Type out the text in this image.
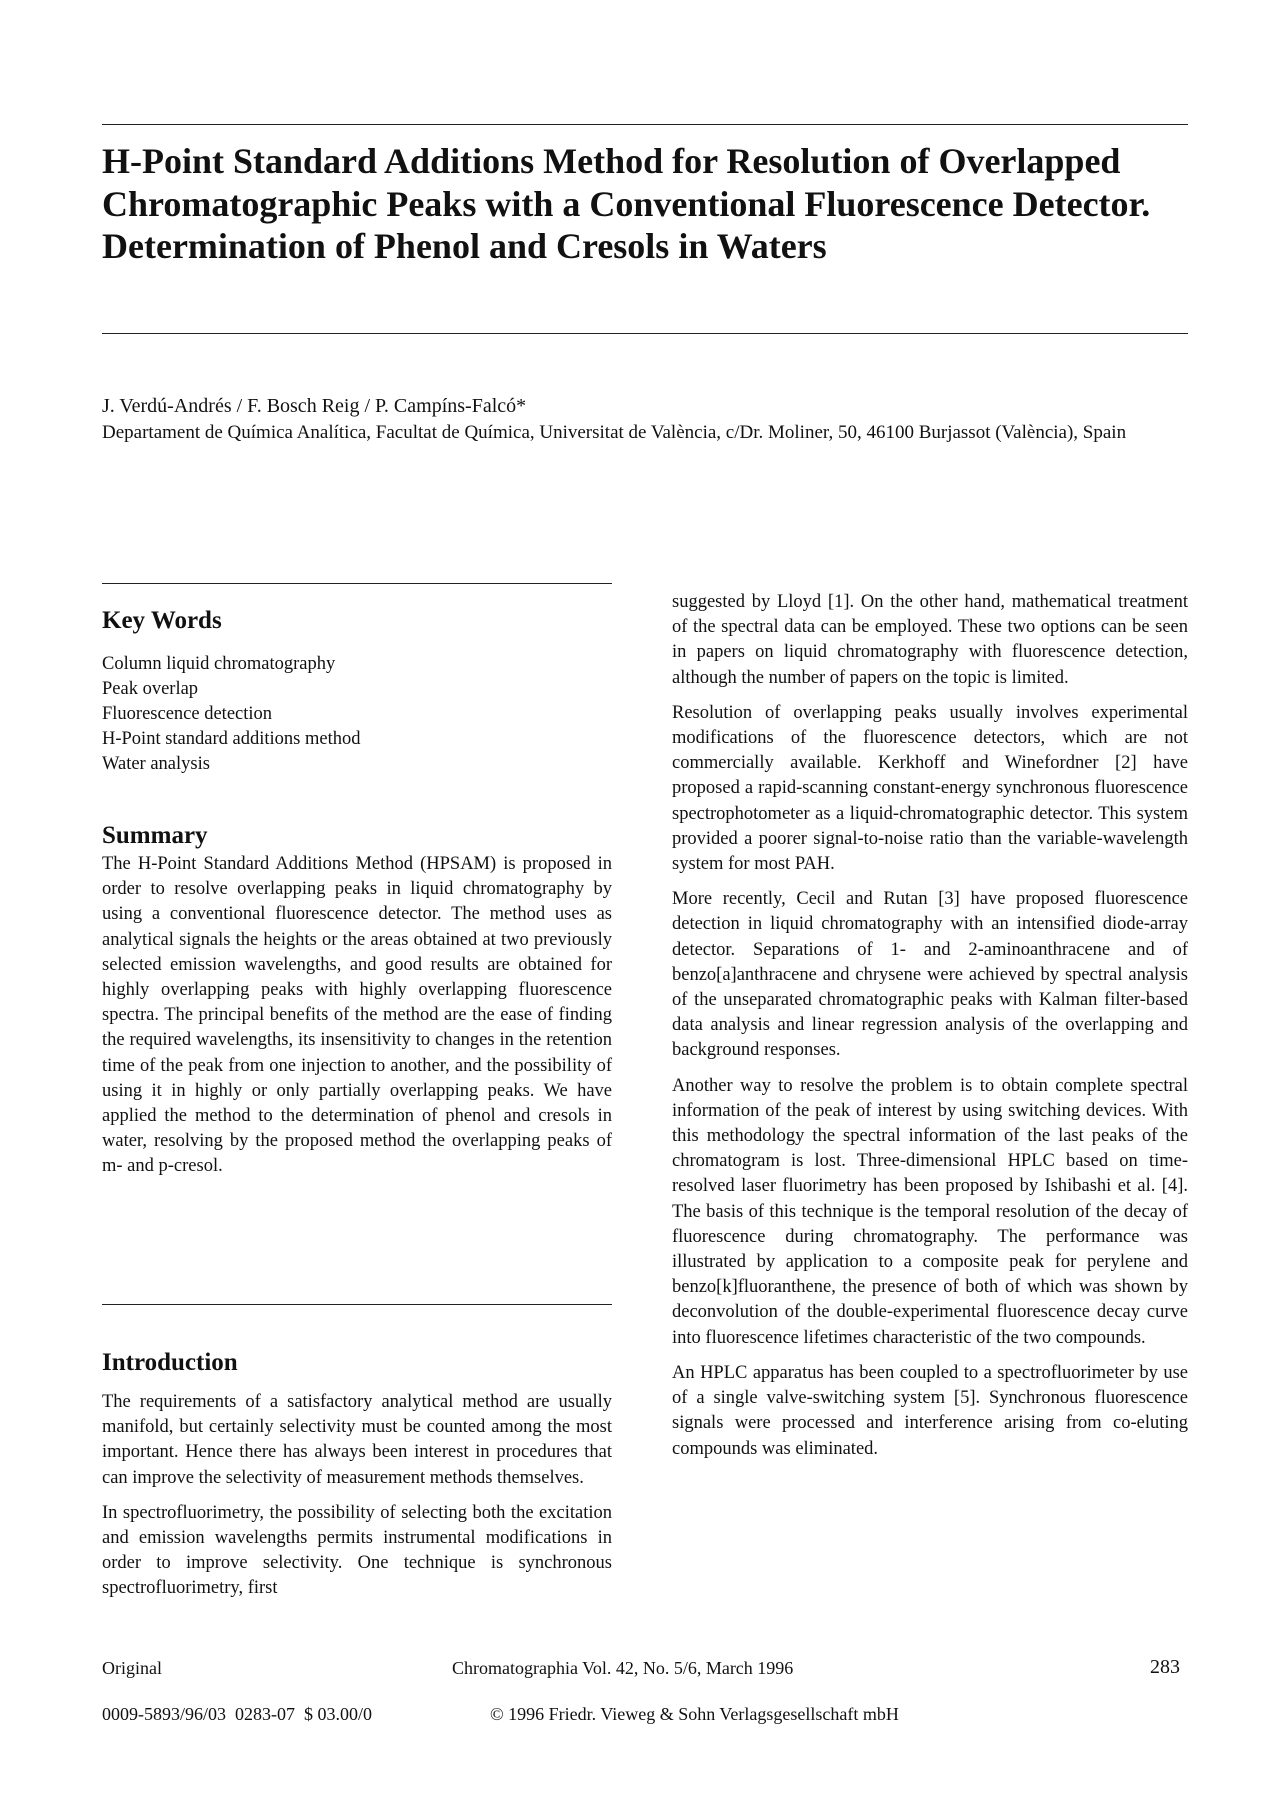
H-Point Standard Additions Method for Resolution of Overlapped Chromatographic Peaks with a Conventional Fluorescence Detector. Determination of Phenol and Cresols in Waters
J. Verdú-Andrés / F. Bosch Reig / P. Campíns-Falcó*
Departament de Química Analítica, Facultat de Química, Universitat de València, c/Dr. Moliner, 50, 46100 Burjassot (València), Spain
Key Words
Column liquid chromatography
Peak overlap
Fluorescence detection
H-Point standard additions method
Water analysis
Summary

The H-Point Standard Additions Method (HPSAM) is proposed in order to resolve overlapping peaks in liquid chromatography by using a conventional fluorescence detector. The method uses as analytical signals the heights or the areas obtained at two previously selected emission wavelengths, and good results are obtained for highly overlapping peaks with highly overlapping fluorescence spectra. The principal benefits of the method are the ease of finding the required wavelengths, its insensitivity to changes in the retention time of the peak from one injection to another, and the possibility of using it in highly or only partially overlapping peaks. We have applied the method to the determination of phenol and cresols in water, resolving by the proposed method the overlapping peaks of m- and p-cresol.

Introduction

The requirements of a satisfactory analytical method are usually manifold, but certainly selectivity must be counted among the most important. Hence there has always been interest in procedures that can improve the selectivity of measurement methods themselves.

In spectrofluorimetry, the possibility of selecting both the excitation and emission wavelengths permits instrumental modifications in order to improve selectivity. One technique is synchronous spectrofluorimetry, first

suggested by Lloyd [1]. On the other hand, mathematical treatment of the spectral data can be employed. These two options can be seen in papers on liquid chromatography with fluorescence detection, although the number of papers on the topic is limited.

Resolution of overlapping peaks usually involves experimental modifications of the fluorescence detectors, which are not commercially available. Kerkhoff and Winefordner [2] have proposed a rapid-scanning constant-energy synchronous fluorescence spectrophotometer as a liquid-chromatographic detector. This system provided a poorer signal-to-noise ratio than the variable-wavelength system for most PAH.

More recently, Cecil and Rutan [3] have proposed fluorescence detection in liquid chromatography with an intensified diode-array detector. Separations of 1- and 2-aminoanthracene and of benzo[a]anthracene and chrysene were achieved by spectral analysis of the unseparated chromatographic peaks with Kalman filter-based data analysis and linear regression analysis of the overlapping and background responses.

Another way to resolve the problem is to obtain complete spectral information of the peak of interest by using switching devices. With this methodology the spectral information of the last peaks of the chromatogram is lost. Three-dimensional HPLC based on time-resolved laser fluorimetry has been proposed by Ishibashi et al. [4]. The basis of this technique is the temporal resolution of the decay of fluorescence during chromatography. The performance was illustrated by application to a composite peak for perylene and benzo[k]fluoranthene, the presence of both of which was shown by deconvolution of the double-experimental fluorescence decay curve into fluorescence lifetimes characteristic of the two compounds.

An HPLC apparatus has been coupled to a spectrofluorimeter by use of a single valve-switching system [5]. Synchronous fluorescence signals were processed and interference arising from co-eluting compounds was eliminated.

Original	Chromatographia Vol. 42, No. 5/6, March 1996	283
0009-5893/96/03  0283-07  $ 03.00/0	© 1996 Friedr. Vieweg & Sohn Verlagsgesellschaft mbH
